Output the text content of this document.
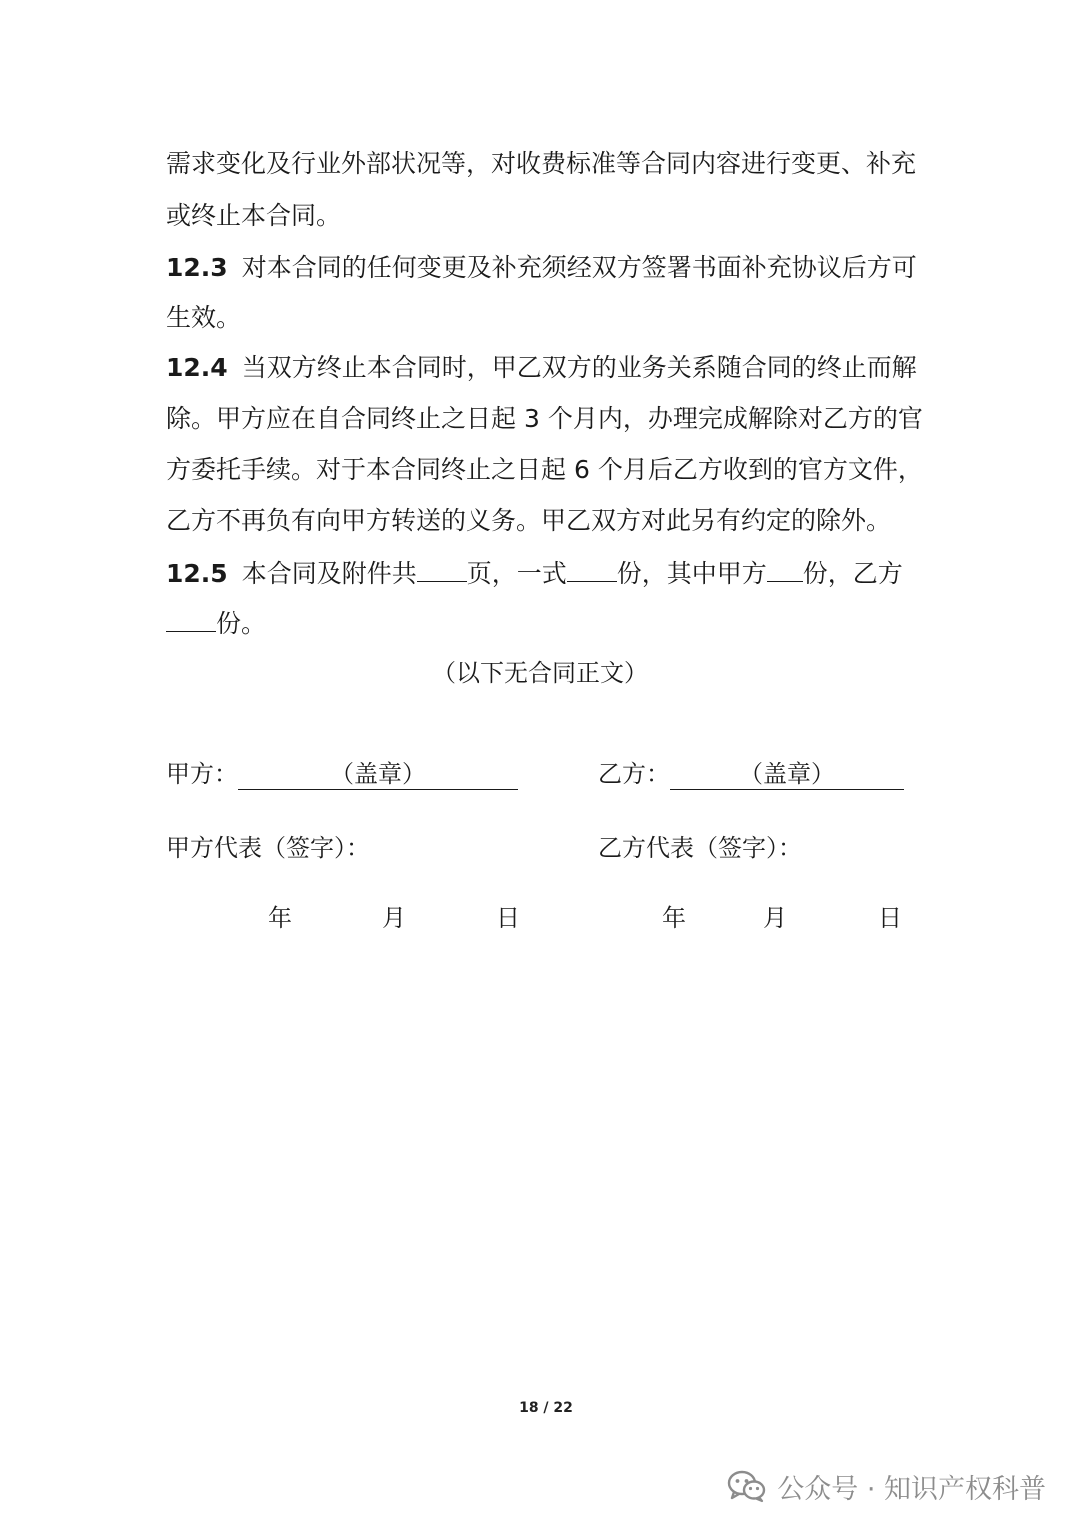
需求变化及行业外部状况等，对收费标准等合同内容进行变更、补充
或终止本合同。
12.3 对本合同的任何变更及补充须经双方签署书面补充协议后方可
生效。
12.4 当双方终止本合同时，甲乙双方的业务关系随合同的终止而解
除。甲方应在自合同终止之日起 3 个月内，办理完成解除对乙方的官
方委托手续。对于本合同终止之日起 6 个月后乙方收到的官方文件，
乙方不再负有向甲方转送的义务。甲乙双方对此另有约定的除外。
12.5 本合同及附件共 页，一式 份，其中甲方 份，乙方
份。
（以下无合同正文）
甲方：	（盖章）	乙方：	（盖章）
甲方代表（签字）：	乙方代表（签字）：
年	月	日	年	月	日
18 / 22
公众号 · 知识产权科普
